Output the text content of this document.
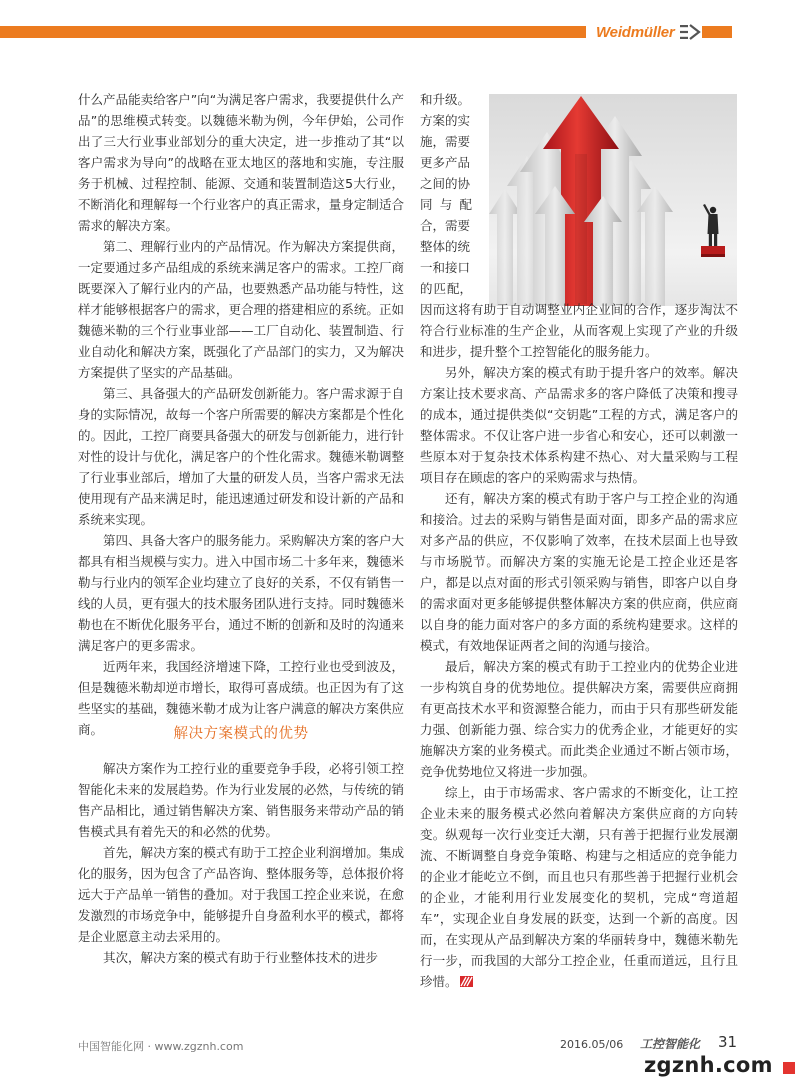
Weidmüller

什么产品能卖给客户”向“为满足客户需求，我要提供什么产品”的思维模式转变。以魏德米勒为例，今年伊始，公司作出了三大行业事业部划分的重大决定，进一步推动了其“以客户需求为导向”的战略在亚太地区的落地和实施，专注服务于机械、过程控制、能源、交通和装置制造这5大行业，不断消化和理解每一个行业客户的真正需求，量身定制适合需求的解决方案。

第二、理解行业内的产品情况。作为解决方案提供商，一定要通过多产品组成的系统来满足客户的需求。工控厂商既要深入了解行业内的产品，也要熟悉产品功能与特性，这样才能够根据客户的需求，更合理的搭建相应的系统。正如魏德米勒的三个行业事业部——工厂自动化、装置制造、行业自动化和解决方案，既强化了产品部门的实力，又为解决方案提供了坚实的产品基础。

第三、具备强大的产品研发创新能力。客户需求源于自身的实际情况，故每一个客户所需要的解决方案都是个性化的。因此，工控厂商要具备强大的研发与创新能力，进行针对性的设计与优化，满足客户的个性化需求。魏德米勒调整了行业事业部后，增加了大量的研发人员，当客户需求无法使用现有产品来满足时，能迅速通过研发和设计新的产品和系统来实现。

第四、具备大客户的服务能力。采购解决方案的客户大都具有相当规模与实力。进入中国市场二十多年来，魏德米勒与行业内的领军企业均建立了良好的关系，不仅有销售一线的人员，更有强大的技术服务团队进行支持。同时魏德米勒也在不断优化服务平台，通过不断的创新和及时的沟通来满足客户的更多需求。

近两年来，我国经济增速下降，工控行业也受到波及，但是魏德米勒却逆市增长，取得可喜成绩。也正因为有了这些坚实的基础，魏德米勒才成为让客户满意的解决方案供应商。	解决方案模式的优势

解决方案作为工控行业的重要竞争手段，必将引领工控智能化未来的发展趋势。作为行业发展的必然，与传统的销售产品相比，通过销售解决方案、销售服务来带动产品的销售模式具有着先天的和必然的优势。

首先，解决方案的模式有助于工控企业利润增加。集成化的服务，因为包含了产品咨询、整体服务等，总体报价将远大于产品单一销售的叠加。对于我国工控企业来说，在愈发激烈的市场竞争中，能够提升自身盈利水平的模式，都将是企业愿意主动去采用的。

其次，解决方案的模式有助于行业整体技术的进步

和升级。
方案的实
施，需要
更多产品
之间的协
同 与 配
合，需要
整体的统
一和接口
的 匹 配，

因而这将有助于自动调整业内企业间的合作，逐步淘汰不符合行业标准的生产企业，从而客观上实现了产业的升级和进步，提升整个工控智能化的服务能力。

另外，解决方案的模式有助于提升客户的效率。解决方案让技术要求高、产品需求多的客户降低了决策和搜寻的成本，通过提供类似“交钥匙”工程的方式，满足客户的整体需求。不仅让客户进一步省心和安心，还可以刺激一些原本对于复杂技术体系构建不热心、对大量采购与工程项目存在顾虑的客户的采购需求与热情。

还有，解决方案的模式有助于客户与工控企业的沟通和接洽。过去的采购与销售是面对面，即多产品的需求应对多产品的供应，不仅影响了效率，在技术层面上也导致与市场脱节。而解决方案的实施无论是工控企业还是客户，都是以点对面的形式引领采购与销售，即客户以自身的需求面对更多能够提供整体解决方案的供应商，供应商以自身的能力面对客户的多方面的系统构建要求。这样的模式，有效地保证两者之间的沟通与接洽。

最后，解决方案的模式有助于工控业内的优势企业进一步构筑自身的优势地位。提供解决方案，需要供应商拥有更高技术水平和资源整合能力，而由于只有那些研发能力强、创新能力强、综合实力的优秀企业，才能更好的实施解决方案的业务模式。而此类企业通过不断占领市场，竞争优势地位又将进一步加强。

综上，由于市场需求、客户需求的不断变化，让工控企业未来的服务模式必然向着解决方案供应商的方向转变。纵观每一次行业变迁大潮，只有善于把握行业发展潮流、不断调整自身竞争策略、构建与之相适应的竞争能力的企业才能屹立不倒，而且也只有那些善于把握行业机会的企业，才能利用行业发展变化的契机，完成“弯道超车”，实现企业自身发展的跃变，达到一个新的高度。因而，在实现从产品到解决方案的华丽转身中，魏德米勒先行一步，而我国的大部分工控企业，任重而道远，且行且珍惜。

中国智能化网 · www.zgznh.com	2016.05/06 工控智能化 31
zgznh.com
